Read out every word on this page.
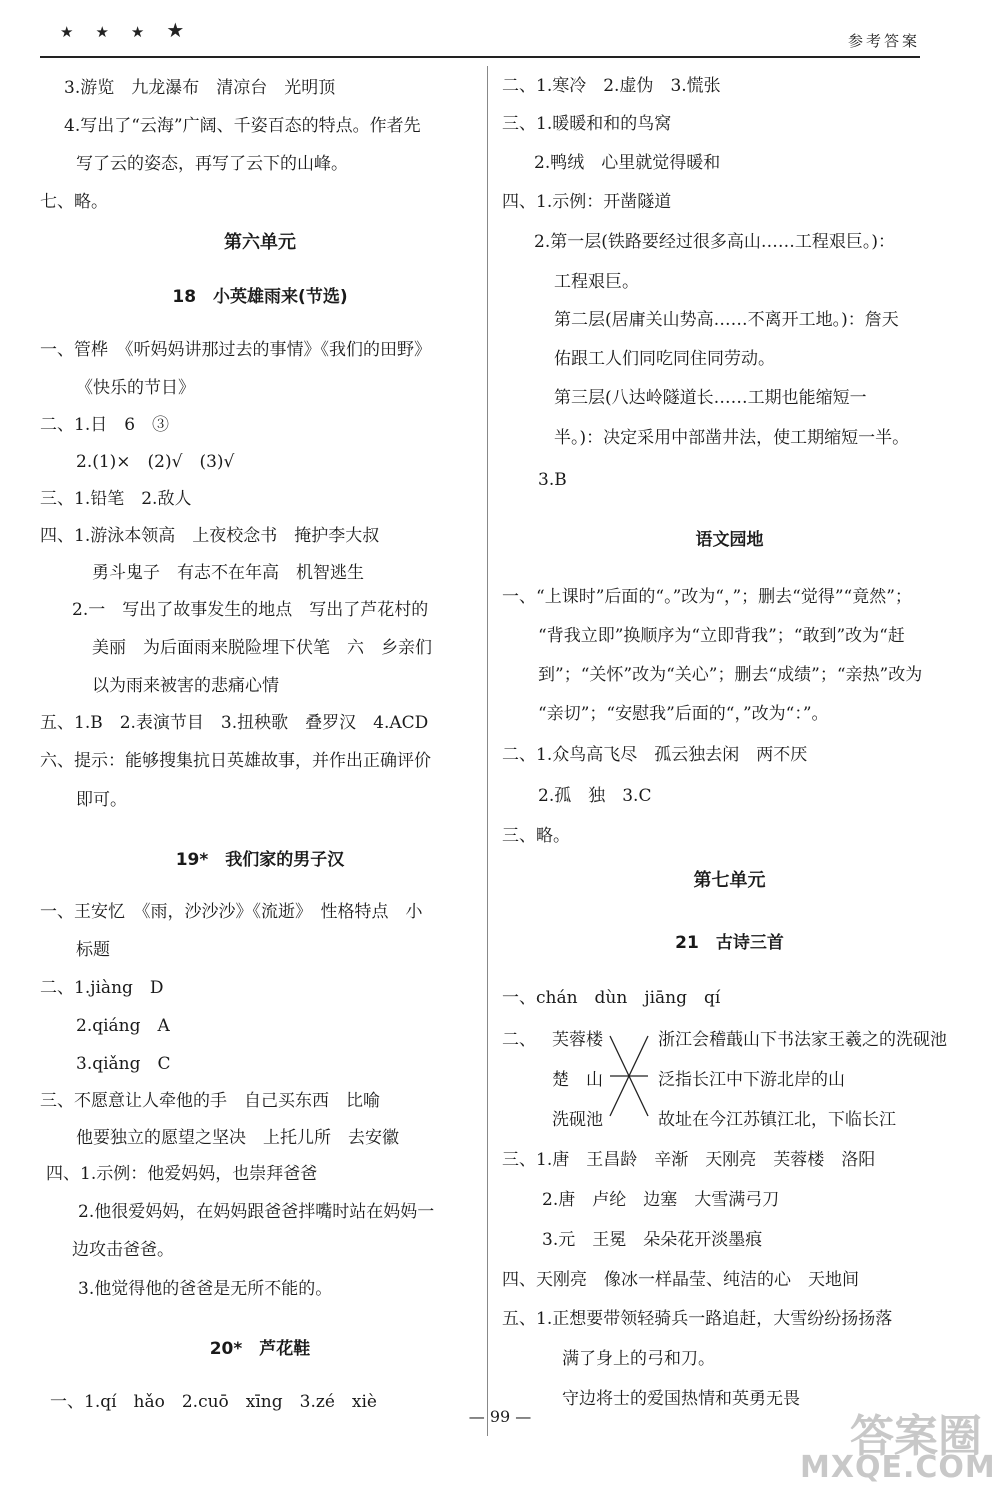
★★★★	参考答案
3.游览　九龙瀑布　清凉台　光明顶
4.写出了“云海”广阔、千姿百态的特点。作者先
写了云的姿态，再写了云下的山峰。
七、略。
第六单元
18　小英雄雨来(节选)
一、管桦　《听妈妈讲那过去的事情》《我们的田野》
《快乐的节日》
二、1.日　6　③
2.(1)×　(2)√　(3)√
三、1.铅笔　2.敌人
四、1.游泳本领高　上夜校念书　掩护李大叔
勇斗鬼子　有志不在年高　机智逃生
2.一　写出了故事发生的地点　写出了芦花村的
美丽　为后面雨来脱险埋下伏笔　六　乡亲们
以为雨来被害的悲痛心情
五、1.B　2.表演节目　3.扭秧歌　叠罗汉　4.ACD
六、提示：能够搜集抗日英雄故事，并作出正确评价
即可。
19*　我们家的男子汉
一、王安忆　《雨，沙沙沙》《流逝》　性格特点　小
标题
二、1.jiàng　D
2.qiáng　A
3.qiǎng　C
三、不愿意让人牵他的手　自己买东西　比喻
他要独立的愿望之坚决　上托儿所　去安徽
四、1.示例：他爱妈妈，也崇拜爸爸
2.他很爱妈妈，在妈妈跟爸爸拌嘴时站在妈妈一
边攻击爸爸。
3.他觉得他的爸爸是无所不能的。
20*　芦花鞋
一、1.qí　hǎo　2.cuō　xīng　3.zé　xiè
二、1.寒冷　2.虚伪　3.慌张
三、1.暖暖和和的鸟窝
2.鸭绒　心里就觉得暖和
四、1.示例：开凿隧道
2.第一层(铁路要经过很多高山……工程艰巨。)：
工程艰巨。
第二层(居庸关山势高……不离开工地。)：詹天
佑跟工人们同吃同住同劳动。
第三层(八达岭隧道长……工期也能缩短一
半。)：决定采用中部凿井法，使工期缩短一半。
3.B
语文园地
一、“上课时”后面的“。”改为“，”；删去“觉得”“竟然”；
“背我立即”换顺序为“立即背我”；“敢到”改为“赶
到”；“关怀”改为“关心”；删去“成绩”；“亲热”改为
“亲切”；“安慰我”后面的“，”改为“：”。
二、1.众鸟高飞尽　孤云独去闲　两不厌
2.孤　独　3.C
三、略。
第七单元
21　古诗三首
一、chán　dùn　jiāng　qí
二、 芙蓉楼
楚　山
洗砚池
浙江会稽蕺山下书法家王羲之的洗砚池
泛指长江中下游北岸的山
故址在今江苏镇江北，下临长江
三、1.唐　王昌龄　辛渐　天刚亮　芙蓉楼　洛阳
2.唐　卢纶　边塞　大雪满弓刀
3.元　王冕　朵朵花开淡墨痕
四、天刚亮　像冰一样晶莹、纯洁的心　天地间
五、1.正想要带领轻骑兵一路追赶，大雪纷纷扬扬落
满了身上的弓和刀。
守边将士的爱国热情和英勇无畏
— 99 —	答案圈
MXQE.COM
